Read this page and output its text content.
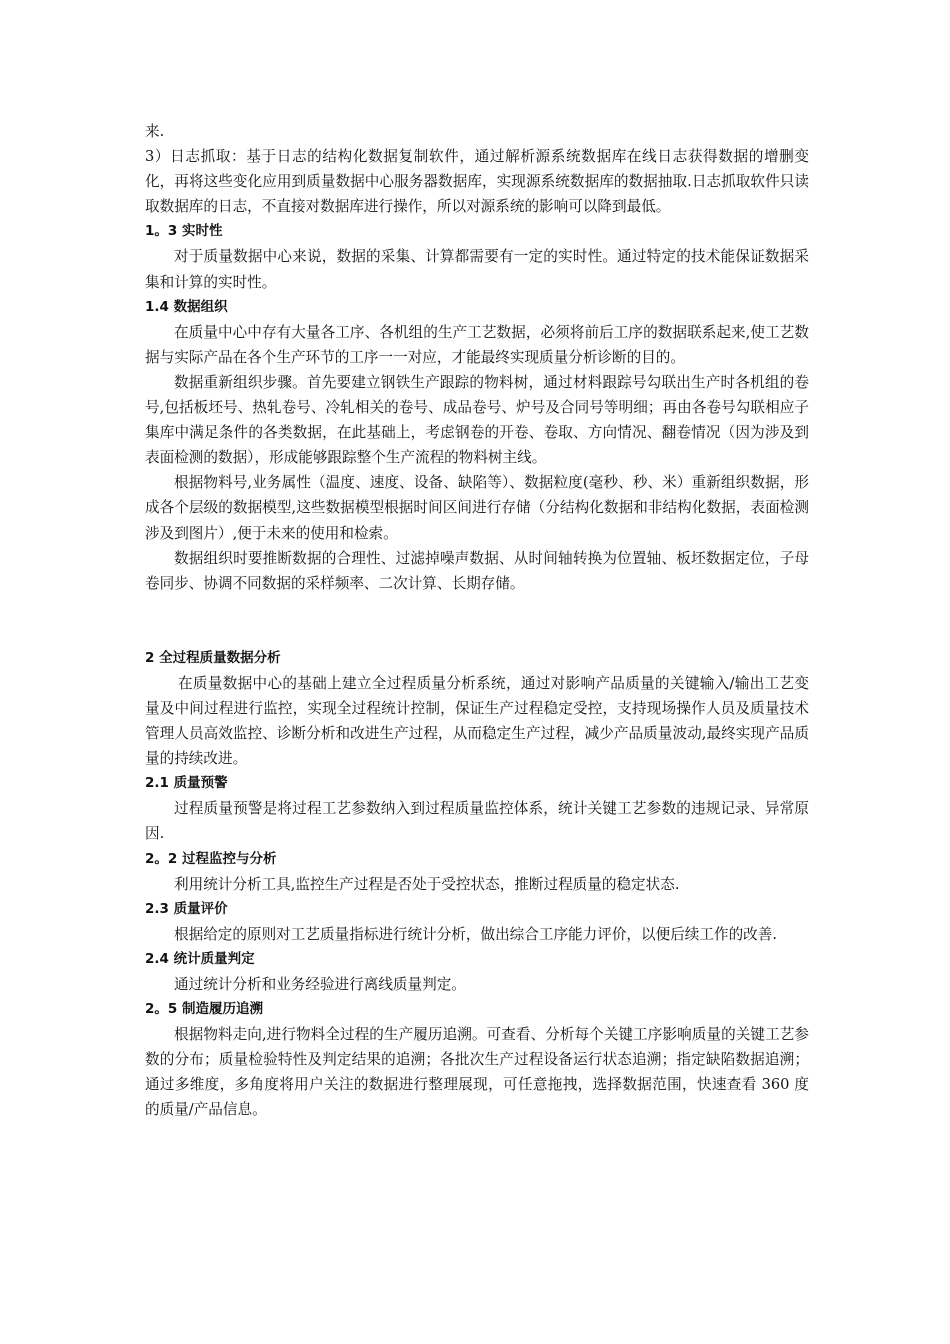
来.

3）日志抓取：基于日志的结构化数据复制软件，通过解析源系统数据库在线日志获得数据的增删变化，再将这些变化应用到质量数据中心服务器数据库，实现源系统数据库的数据抽取.日志抓取软件只读取数据库的日志，不直接对数据库进行操作，所以对源系统的影响可以降到最低。

1。3 实时性

对于质量数据中心来说，数据的采集、计算都需要有一定的实时性。通过特定的技术能保证数据采集和计算的实时性。

1.4 数据组织

在质量中心中存有大量各工序、各机组的生产工艺数据，必须将前后工序的数据联系起来,使工艺数据与实际产品在各个生产环节的工序一一对应，才能最终实现质量分析诊断的目的。

数据重新组织步骤。首先要建立钢铁生产跟踪的物料树，通过材料跟踪号勾联出生产时各机组的卷号,包括板坯号、热轧卷号、冷轧相关的卷号、成品卷号、炉号及合同号等明细；再由各卷号勾联相应子集库中满足条件的各类数据，在此基础上，考虑钢卷的开卷、卷取、方向情况、翻卷情况（因为涉及到表面检测的数据），形成能够跟踪整个生产流程的物料树主线。

根据物料号,业务属性（温度、速度、设备、缺陷等）、数据粒度(毫秒、秒、米）重新组织数据，形成各个层级的数据模型,这些数据模型根据时间区间进行存储（分结构化数据和非结构化数据，表面检测涉及到图片）,便于未来的使用和检索。

数据组织时要推断数据的合理性、过滤掉噪声数据、从时间轴转换为位置轴、板坯数据定位，子母卷同步、协调不同数据的采样频率、二次计算、长期存储。

2 全过程质量数据分析

在质量数据中心的基础上建立全过程质量分析系统，通过对影响产品质量的关键输入/输出工艺变量及中间过程进行监控，实现全过程统计控制，保证生产过程稳定受控，支持现场操作人员及质量技术管理人员高效监控、诊断分析和改进生产过程，从而稳定生产过程，减少产品质量波动,最终实现产品质量的持续改进。

2.1 质量预警

过程质量预警是将过程工艺参数纳入到过程质量监控体系，统计关键工艺参数的违规记录、异常原因.

2。2 过程监控与分析

利用统计分析工具,监控生产过程是否处于受控状态，推断过程质量的稳定状态.

2.3 质量评价

根据给定的原则对工艺质量指标进行统计分析，做出综合工序能力评价，以便后续工作的改善.

2.4 统计质量判定

通过统计分析和业务经验进行离线质量判定。

2。5 制造履历追溯

根据物料走向,进行物料全过程的生产履历追溯。可查看、分析每个关键工序影响质量的关键工艺参数的分布；质量检验特性及判定结果的追溯；各批次生产过程设备运行状态追溯；指定缺陷数据追溯；通过多维度，多角度将用户关注的数据进行整理展现，可任意拖拽，选择数据范围，快速查看 360 度的质量/产品信息。
